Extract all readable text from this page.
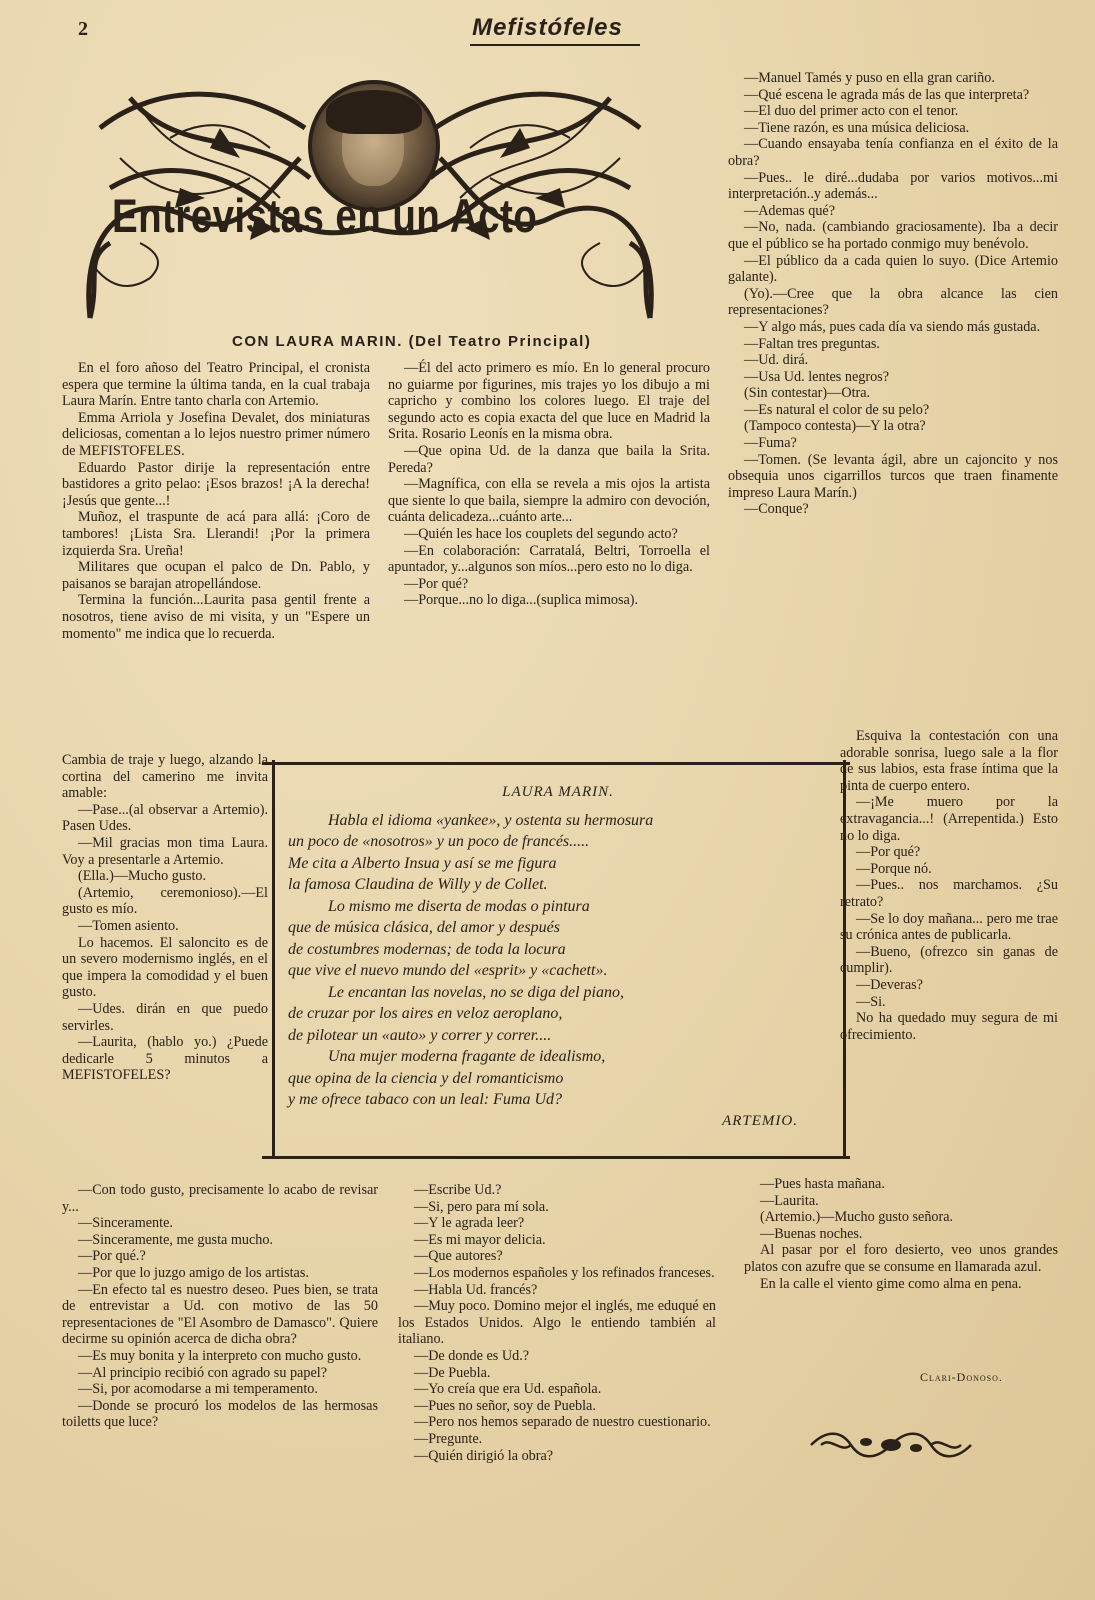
2	Mefistófeles
Entrevistas en un Acto
CON LAURA MARIN. (Del Teatro Principal)

En el foro añoso del Teatro Principal, el cronista espera que termine la última tanda, en la cual trabaja Laura Marín. Entre tanto charla con Artemio.

Emma Arriola y Josefina Devalet, dos miniaturas deliciosas, comentan a lo lejos nuestro primer número de MEFISTOFELES.

Eduardo Pastor dirije la representación entre bastidores a grito pelao: ¡Esos brazos! ¡A la derecha! ¡Jesús que gente...!

Muñoz, el traspunte de acá para allá: ¡Coro de tambores! ¡Lista Sra. Llerandi! ¡Por la primera izquierda Sra. Ureña!

Militares que ocupan el palco de Dn. Pablo, y paisanos se barajan atropellándose.

Termina la función...Laurita pasa gentil frente a nosotros, tiene aviso de mi visita, y un "Espere un momento" me indica que lo recuerda.

—Él del acto primero es mío. En lo general procuro no guiarme por figurines, mis trajes yo los dibujo a mi capricho y combino los colores luego. El traje del segundo acto es copia exacta del que luce en Madrid la Srita. Rosario Leonís en la misma obra.

—Que opina Ud. de la danza que baila la Srita. Pereda?

—Magnífica, con ella se revela a mis ojos la artista que siente lo que baila, siempre la admiro con devoción, cuánta delicadeza...cuánto arte...

—Quién les hace los couplets del segundo acto?

—En colaboración: Carratalá, Beltri, Torroella el apuntador, y...algunos son míos...pero esto no lo diga.

—Por qué?

—Porque...no lo diga...(suplica mimosa).

—Manuel Tamés y puso en ella gran cariño.

—Qué escena le agrada más de las que interpreta?

—El duo del primer acto con el tenor.

—Tiene razón, es una música deliciosa.

—Cuando ensayaba tenía confianza en el éxito de la obra?

—Pues.. le diré...dudaba por varios motivos...mi interpretación..y además...

—Ademas qué?

—No, nada. (cambiando graciosamente). Iba a decir que el público se ha portado conmigo muy benévolo.

—El público da a cada quien lo suyo. (Dice Artemio galante).

(Yo).—Cree que la obra alcance las cien representaciones?

—Y algo más, pues cada día va siendo más gustada.

—Faltan tres preguntas.

—Ud. dirá.

—Usa Ud. lentes negros?

(Sin contestar)—Otra.

—Es natural el color de su pelo?

(Tampoco contesta)—Y la otra?

—Fuma?

—Tomen. (Se levanta ágil, abre un cajoncito y nos obsequia unos cigarrillos turcos que traen finamente impreso Laura Marín.)

—Conque?

Cambia de traje y luego, alzando la cortina del camerino me invita amable:

—Pase...(al observar a Artemio). Pasen Udes.

—Mil gracias mon tima Laura. Voy a presentarle a Artemio.

(Ella.)—Mucho gusto.

(Artemio, ceremonioso).—El gusto es mío.

—Tomen asiento.

Lo hacemos. El saloncito es de un severo modernismo inglés, en el que impera la comodidad y el buen gusto.

—Udes. dirán en que puedo servirles.

—Laurita, (hablo yo.) ¿Puede dedicarle 5 minutos a MEFISTOFELES?

LAURA MARIN.

Habla el idioma «yankee», y ostenta su hermosura

un poco de «nosotros» y un poco de francés.....

Me cita a Alberto Insua y así se me figura

la famosa Claudina de Willy y de Collet.

Lo mismo me diserta de modas o pintura

que de música clásica, del amor y después

de costumbres modernas; de toda la locura

que vive el nuevo mundo del «esprit» y «cachett».

Le encantan las novelas, no se diga del piano,

de cruzar por los aires en veloz aeroplano,

de pilotear un «auto» y correr y correr....

Una mujer moderna fragante de idealismo,

que opina de la ciencia y del romanticismo

y me ofrece tabaco con un leal: Fuma Ud?

ARTEMIO.

Esquiva la contestación con una adorable sonrisa, luego sale a la flor de sus labios, esta frase íntima que la pinta de cuerpo entero.

—¡Me muero por la extravagancia...! (Arrepentida.) Esto no lo diga.

—Por qué?

—Porque nó.

—Pues.. nos marchamos. ¿Su retrato?

—Se lo doy mañana... pero me trae su crónica antes de publicarla.

—Bueno, (ofrezco sin ganas de cumplir).

—Deveras?

—Si.

No ha quedado muy segura de mi ofrecimiento.

—Con todo gusto, precisamente lo acabo de revisar y...

—Sinceramente.

—Sinceramente, me gusta mucho.

—Por qué.?

—Por que lo juzgo amigo de los artistas.

—En efecto tal es nuestro deseo. Pues bien, se trata de entrevistar a Ud. con motivo de las 50 representaciones de "El Asombro de Damasco". Quiere decirme su opinión acerca de dicha obra?

—Es muy bonita y la interpreto con mucho gusto.

—Al principio recibió con agrado su papel?

—Si, por acomodarse a mi temperamento.

—Donde se procuró los modelos de las hermosas toiletts que luce?

—Escribe Ud.?

—Si, pero para mí sola.

—Y le agrada leer?

—Es mi mayor delicia.

—Que autores?

—Los modernos españoles y los refinados franceses.

—Habla Ud. francés?

—Muy poco. Domino mejor el inglés, me eduqué en los Estados Unidos. Algo le entiendo también al italiano.

—De donde es Ud.?

—De Puebla.

—Yo creía que era Ud. española.

—Pues no señor, soy de Puebla.

—Pero nos hemos separado de nuestro cuestionario.

—Pregunte.

—Quién dirigió la obra?

—Pues hasta mañana.

—Laurita.

(Artemio.)—Mucho gusto señora.

—Buenas noches.

Al pasar por el foro desierto, veo unos grandes platos con azufre que se consume en llamarada azul.

En la calle el viento gime como alma en pena.

Clari-Donoso.
